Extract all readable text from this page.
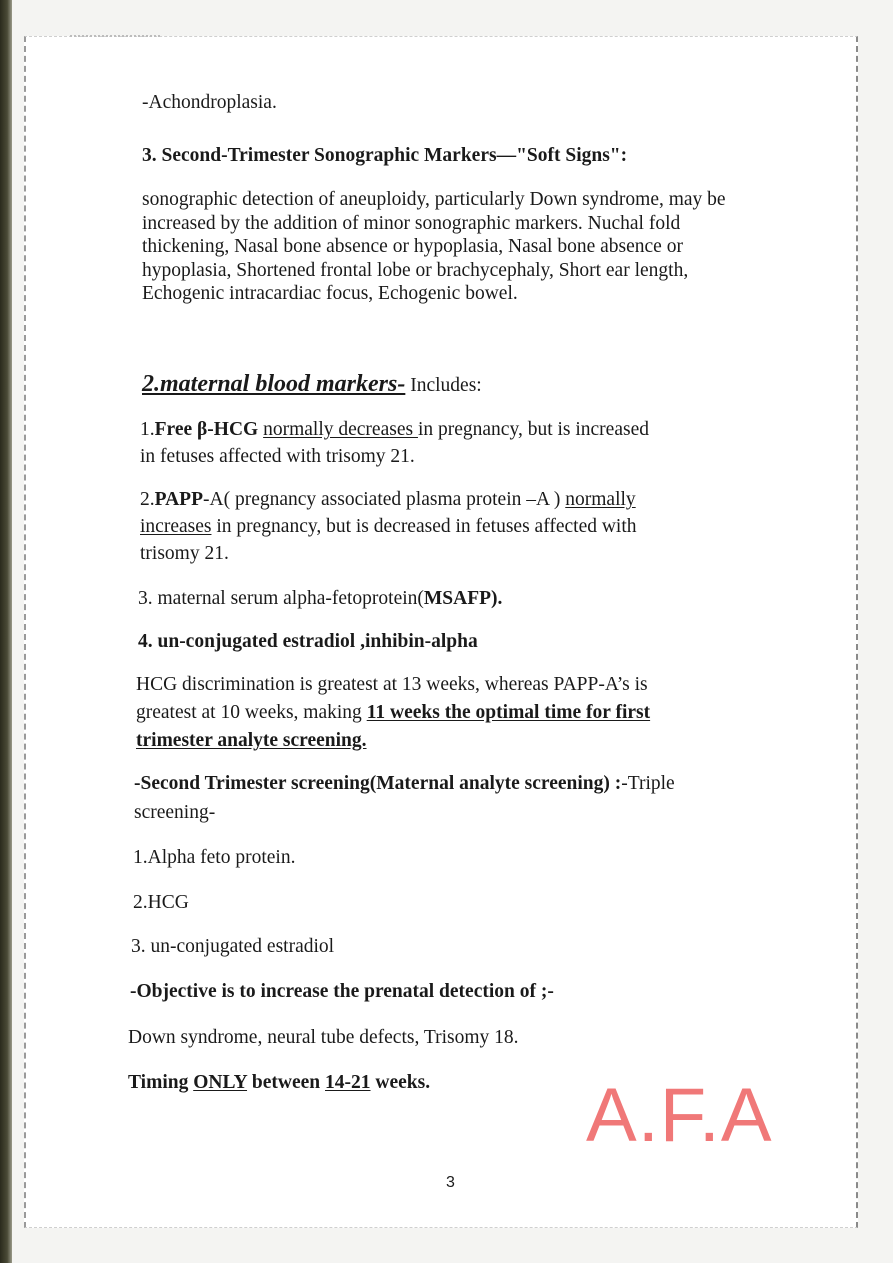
-Achondroplasia.

3. Second-Trimester Sonographic Markers—"Soft Signs":

sonographic detection of aneuploidy, particularly Down syndrome, may be increased by the addition of minor sonographic markers. Nuchal fold thickening, Nasal bone absence or hypoplasia, Nasal bone absence or hypoplasia, Shortened frontal lobe or brachycephaly, Short ear length, Echogenic intracardiac focus, Echogenic bowel.

2.maternal blood markers- Includes:

1.Free β-HCG normally decreases in pregnancy, but is increased

in fetuses affected with trisomy 21.

2.PAPP-A( pregnancy associated plasma protein –A ) normally

increases in pregnancy, but is decreased in fetuses affected with

trisomy 21.

3. maternal serum alpha-fetoprotein(MSAFP).

4. un-conjugated estradiol ,inhibin-alpha

HCG discrimination is greatest at 13 weeks, whereas PAPP-A’s is

greatest at 10 weeks, making 11 weeks the optimal time for first

trimester analyte screening.

-Second Trimester screening(Maternal analyte screening) :-Triple

screening-

1.Alpha feto protein.

2.HCG

3. un-conjugated estradiol

-Objective is to increase the prenatal detection of ;-

Down syndrome, neural tube defects, Trisomy 18.

Timing ONLY between 14-21 weeks. A.F.A
3
